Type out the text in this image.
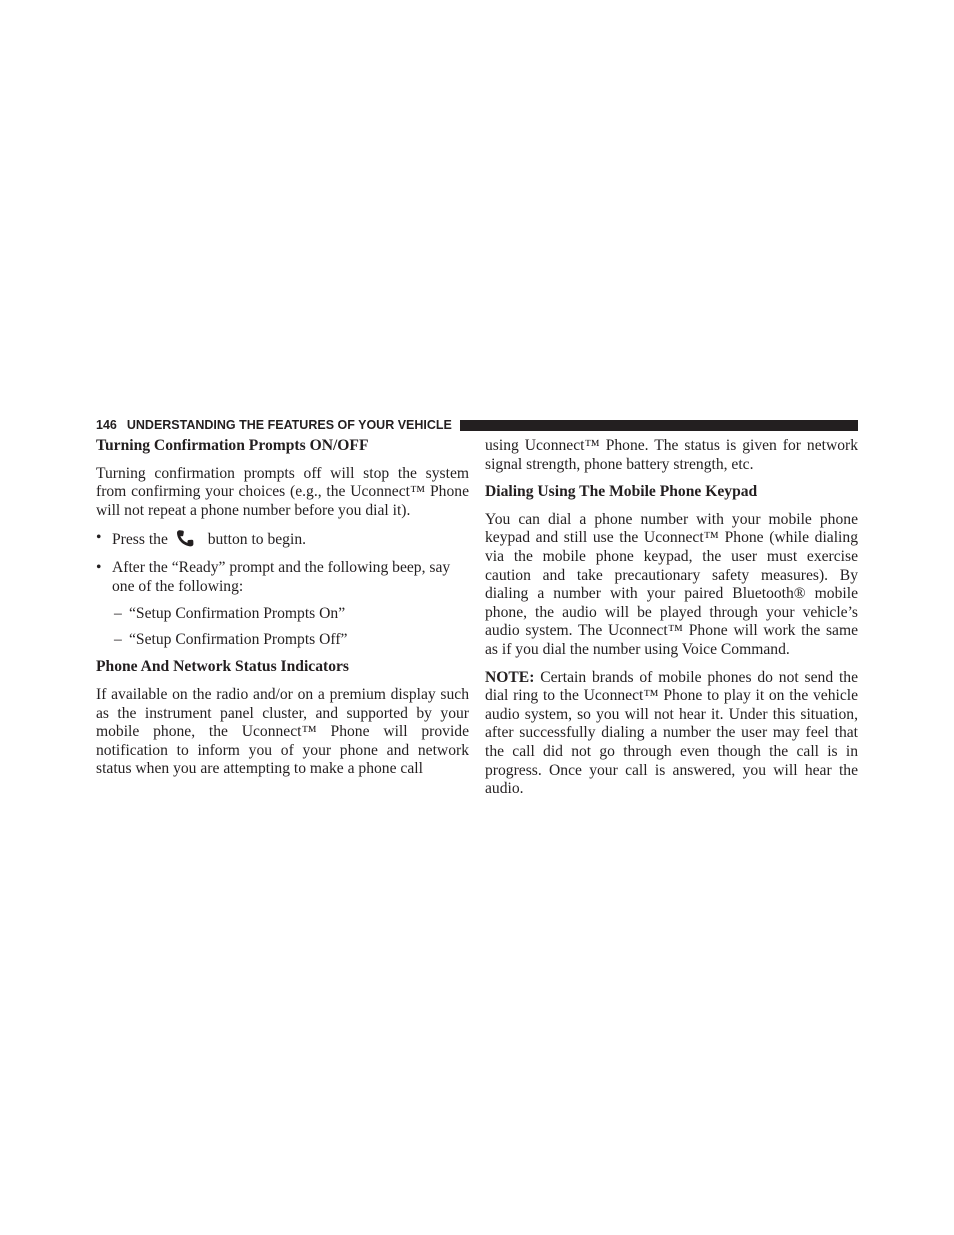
146 UNDERSTANDING THE FEATURES OF YOUR VEHICLE
Turning Confirmation Prompts ON/OFF

Turning confirmation prompts off will stop the system from confirming your choices (e.g., the Uconnect™ Phone will not repeat a phone number before you dial it).

• Press the	button to begin.
• After the “Ready” prompt and the following beep, say one of the following:
– “Setup Confirmation Prompts On”
– “Setup Confirmation Prompts Off”
Phone And Network Status Indicators

If available on the radio and/or on a premium display such as the instrument panel cluster, and supported by your mobile phone, the Uconnect™ Phone will provide notification to inform you of your phone and network status when you are attempting to make a phone call

using Uconnect™ Phone. The status is given for network signal strength, phone battery strength, etc.

Dialing Using The Mobile Phone Keypad

You can dial a phone number with your mobile phone keypad and still use the Uconnect™ Phone (while dialing via the mobile phone keypad, the user must exercise caution and take precautionary safety measures). By dialing a number with your paired Bluetooth® mobile phone, the audio will be played through your vehicle’s audio system. The Uconnect™ Phone will work the same as if you dial the number using Voice Command.

NOTE: Certain brands of mobile phones do not send the dial ring to the Uconnect™ Phone to play it on the vehicle audio system, so you will not hear it. Under this situation, after successfully dialing a number the user may feel that the call did not go through even though the call is in progress. Once your call is answered, you will hear the audio.
